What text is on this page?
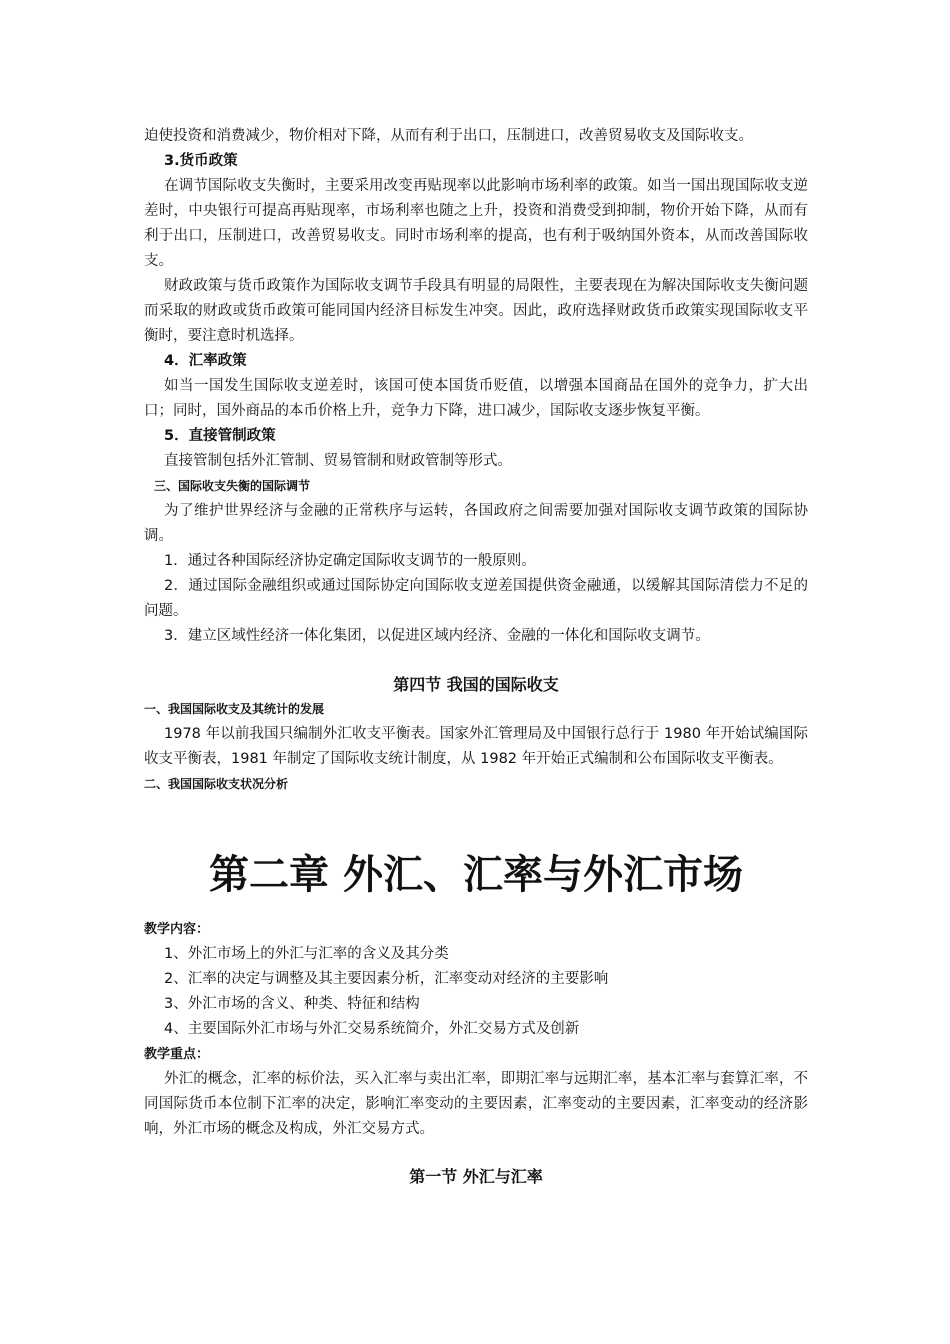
迫使投资和消费减少，物价相对下降，从而有利于出口，压制进口，改善贸易收支及国际收支。

3.货币政策

在调节国际收支失衡时，主要采用改变再贴现率以此影响市场利率的政策。如当一国出现国际收支逆差时，中央银行可提高再贴现率，市场利率也随之上升，投资和消费受到抑制，物价开始下降，从而有利于出口，压制进口，改善贸易收支。同时市场利率的提高，也有利于吸纳国外资本，从而改善国际收支。

财政政策与货币政策作为国际收支调节手段具有明显的局限性，主要表现在为解决国际收支失衡问题而采取的财政或货币政策可能同国内经济目标发生冲突。因此，政府选择财政货币政策实现国际收支平衡时，要注意时机选择。

4．汇率政策

如当一国发生国际收支逆差时，该国可使本国货币贬值，以增强本国商品在国外的竞争力，扩大出口；同时，国外商品的本币价格上升，竞争力下降，进口减少，国际收支逐步恢复平衡。

5．直接管制政策

直接管制包括外汇管制、贸易管制和财政管制等形式。

三、国际收支失衡的国际调节

为了维护世界经济与金融的正常秩序与运转，各国政府之间需要加强对国际收支调节政策的国际协调。

1．通过各种国际经济协定确定国际收支调节的一般原则。

2．通过国际金融组织或通过国际协定向国际收支逆差国提供资金融通，以缓解其国际清偿力不足的问题。

3．建立区域性经济一体化集团，以促进区域内经济、金融的一体化和国际收支调节。

第四节 我国的国际收支

一、我国国际收支及其统计的发展

1978 年以前我国只编制外汇收支平衡表。国家外汇管理局及中国银行总行于 1980 年开始试编国际收支平衡表，1981 年制定了国际收支统计制度，从 1982 年开始正式编制和公布国际收支平衡表。

二、我国国际收支状况分析

第二章 外汇、汇率与外汇市场

教学内容：

1、外汇市场上的外汇与汇率的含义及其分类

2、汇率的决定与调整及其主要因素分析，汇率变动对经济的主要影响

3、外汇市场的含义、种类、特征和结构

4、主要国际外汇市场与外汇交易系统简介，外汇交易方式及创新

教学重点：

外汇的概念，汇率的标价法，买入汇率与卖出汇率，即期汇率与远期汇率，基本汇率与套算汇率，不同国际货币本位制下汇率的决定，影响汇率变动的主要因素，汇率变动的主要因素，汇率变动的经济影响，外汇市场的概念及构成，外汇交易方式。

第一节 外汇与汇率
